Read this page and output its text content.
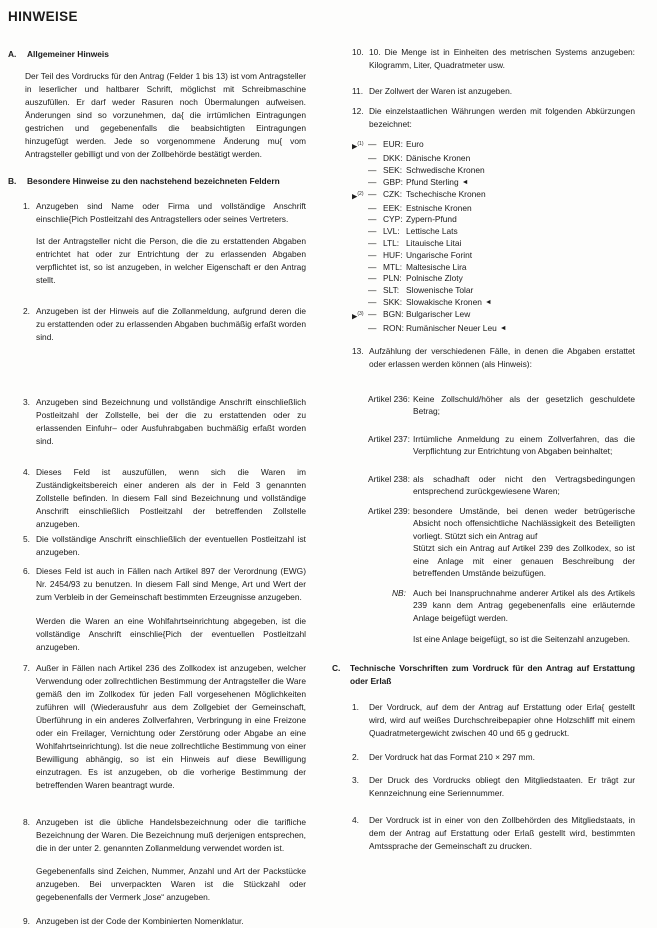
HINWEISE
A.	Allgemeiner Hinweis
Der Teil des Vordrucks für den Antrag (Felder 1 bis 13) ist vom Antragsteller in leserlicher und haltbarer Schrift, möglichst mit Schreibmaschine auszufüllen. Er darf weder Rasuren noch Übermalungen aufweisen. Änderungen sind so vorzunehmen, da{ die irrtümlichen Eintragungen gestrichen und gegebenenfalls die beabsichtigten Eintragungen hinzugefügt werden. Jede so vorgenommene Änderung mu{ vom Antragsteller gebilligt und von der Zollbehörde bestätigt werden.
B.	Besondere Hinweise zu den nachstehend bezeichneten Feldern
1. Anzugeben sind Name oder Firma und vollständige Anschrift einschlie{Pich Postleitzahl des Antragstellers oder seines Vertreters.
Ist der Antragsteller nicht die Person, die die zu erstattenden Abgaben entrichtet hat oder zur Entrichtung der zu erlassenden Abgaben verpflichtet ist, so ist anzugeben, in welcher Eigenschaft er den Antrag stellt.
2. Anzugeben ist der Hinweis auf die Zollanmeldung, aufgrund deren die zu erstattenden oder zu erlassenden Abgaben buchmäßig erfaßt worden sind.
3. Anzugeben sind Bezeichnung und vollständige Anschrift einschließlich Postleitzahl der Zollstelle, bei der die zu erstattenden oder zu erlassenden Einfuhr– oder Ausfuhrabgaben buchmäßig erfaßt worden sind.
4. Dieses Feld ist auszufüllen, wenn sich die Waren im Zuständigkeitsbereich einer anderen als der in Feld 3 genannten Zollstelle befinden. In diesem Fall sind Bezeichnung und vollständige Anschrift einschließlich Postleitzahl der betreffenden Zollstelle anzugeben.
5. Die vollständige Anschrift einschließlich der eventuellen Postleitzahl ist anzugeben.
6. Dieses Feld ist auch in Fällen nach Artikel 897 der Verordnung (EWG) Nr. 2454/93 zu benutzen. In diesem Fall sind Menge, Art und Wert der zum Verbleib in der Gemeinschaft bestimmten Erzeugnisse anzugeben.
Werden die Waren an eine Wohlfahrtseinrichtung abgegeben, ist die vollständige Anschrift einschlie{Pich der eventuellen Postleitzahl anzugeben.
7. Außer in Fällen nach Artikel 236 des Zollkodex ist anzugeben, welcher Verwendung oder zollrechtlichen Bestimmung der Antragsteller die Ware gemäß den im Zollkodex für jeden Fall vorgesehenen Möglichkeiten zuführen will (Wiederausfuhr aus dem Zollgebiet der Gemeinschaft, Überführung in ein anderes Zollverfahren, Verbringung in eine Freizone oder ein Freilager, Vernichtung oder Zerstörung oder Abgabe an eine Wohlfahrtseinrichtung). Ist die neue zollrechtliche Bestimmung von einer Bewilligung abhängig, so ist ein Hinweis auf diese Bewilligung einzutragen. Es ist anzugeben, ob die vorherige Bestimmung der betreffenden Waren beantragt wurde.
8. Anzugeben ist die übliche Handelsbezeichnung oder die tarifliche Bezeichnung der Waren. Die Bezeichnung muß derjenigen entsprechen, die in der unter 2. genannten Zollanmeldung verwendet worden ist.
Gegebenenfalls sind Zeichen, Nummer, Anzahl und Art der Packstücke anzugeben. Bei unverpackten Waren ist die Stückzahl oder gegebenenfalls der Vermerk „lose“ anzugeben.
9. Anzugeben ist der Code der Kombinierten Nomenklatur.
10. 10. Die Menge ist in Einheiten des metrischen Systems anzugeben: Kilogramm, Liter, Quadratmeter usw.
11. Der Zollwert der Waren ist anzugeben.
12. Die einzelstaatlichen Währungen werden mit folgenden Abkürzungen bezeichnet:
▶$^{(1)}$ — EUR: Euro
— DKK: Dänische Kronen
— SEK: Schwedische Kronen
— GBP: Pfund Sterling ◄
▶$^{(2)}$ — CZK: Tschechische Kronen
— EEK: Estnische Kronen
— CYP: Zypern-Pfund
— LVL: Lettische Lats
— LTL: Litauische Litai
— HUF: Ungarische Forint
— MTL: Maltesische Lira
— PLN: Polnische Zloty
— SLT: Slowenische Tolar
— SKK: Slowakische Kronen ◄
▶$^{(3)}$ — BGN: Bulgarischer Lew
— RON: Rumänischer Neuer Leu ◄
13. Aufzählung der verschiedenen Fälle, in denen die Abgaben erstattet oder erlassen werden können (als Hinweis):
Artikel 236: Keine Zollschuld/höher als der gesetzlich geschuldete Betrag;
Artikel 237: Irrtümliche Anmeldung zu einem Zollverfahren, das die Verpflichtung zur Entrichtung von Abgaben beinhaltet;
Artikel 238: als schadhaft oder nicht den Vertragsbedingungen entsprechend zurückgewiesene Waren;
Artikel 239: besondere Umstände, bei denen weder betrügerische Absicht noch offensichtliche Nachlässigkeit des Beteiligten vorliegt. Stützt sich ein Antrag auf
Stützt sich ein Antrag auf Artikel 239 des Zollkodex, so ist eine Anlage mit einer genauen Beschreibung der betreffenden Umstände beizufügen.
NB: Auch bei Inanspruchnahme anderer Artikel als des Artikels 239 kann dem Antrag gegebenenfalls eine erläuternde Anlage beigefügt werden.
Ist eine Anlage beigefügt, so ist die Seitenzahl anzugeben.
C.	Technische Vorschriften zum Vordruck für den Antrag auf Erstattung oder Erlaß
1.	Der Vordruck, auf dem der Antrag auf Erstattung oder Erla{ gestellt wird, wird auf weißes Durchschreibepapier ohne Holzschliff mit einem Quadratmetergewicht zwischen 40 und 65 g gedruckt.
2.	Der Vordruck hat das Format 210 × 297 mm.
3.	Der Druck des Vordrucks obliegt den Mitgliedstaaten. Er trägt zur Kennzeichnung eine Seriennummer.
4.	Der Vordruck ist in einer von den Zollbehörden des Mitgliedstaats, in dem der Antrag auf Erstattung oder Erlaß gestellt wird, bestimmten Amtssprache der Gemeinschaft zu drucken.
